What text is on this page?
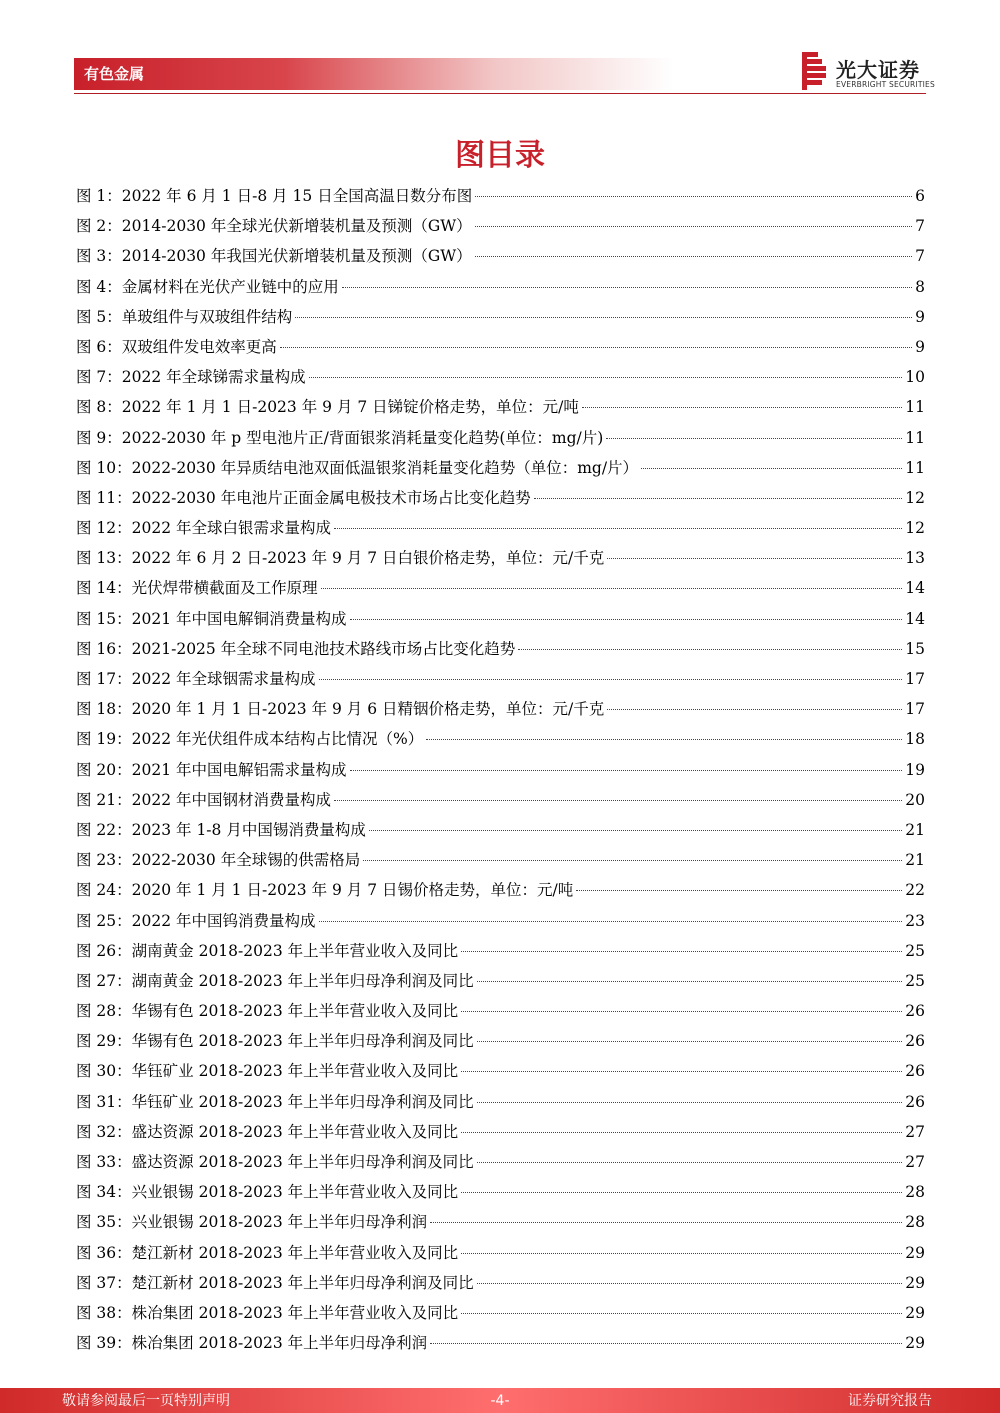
有色金属	光大证券
EVERBRIGHT SECURITIES
图目录
图 1：2022 年 6 月 1 日-8 月 15 日全国高温日数分布图	6
图 2：2014-2030 年全球光伏新增装机量及预测（GW）	7
图 3：2014-2030 年我国光伏新增装机量及预测（GW）	7
图 4：金属材料在光伏产业链中的应用	8
图 5：单玻组件与双玻组件结构	9
图 6：双玻组件发电效率更高	9
图 7：2022 年全球锑需求量构成	10
图 8：2022 年 1 月 1 日-2023 年 9 月 7 日锑锭价格走势，单位：元/吨	11
图 9：2022-2030 年 p 型电池片正/背面银浆消耗量变化趋势(单位：mg/片)	11
图 10：2022-2030 年异质结电池双面低温银浆消耗量变化趋势（单位：mg/片）	11
图 11：2022-2030 年电池片正面金属电极技术市场占比变化趋势	12
图 12：2022 年全球白银需求量构成	12
图 13：2022 年 6 月 2 日-2023 年 9 月 7 日白银价格走势，单位：元/千克	13
图 14：光伏焊带横截面及工作原理	14
图 15：2021 年中国电解铜消费量构成	14
图 16：2021-2025 年全球不同电池技术路线市场占比变化趋势	15
图 17：2022 年全球铟需求量构成	17
图 18：2020 年 1 月 1 日-2023 年 9 月 6 日精铟价格走势，单位：元/千克	17
图 19：2022 年光伏组件成本结构占比情况（%）	18
图 20：2021 年中国电解铝需求量构成	19
图 21：2022 年中国钢材消费量构成	20
图 22：2023 年 1-8 月中国锡消费量构成	21
图 23：2022-2030 年全球锡的供需格局	21
图 24：2020 年 1 月 1 日-2023 年 9 月 7 日锡价格走势，单位：元/吨	22
图 25：2022 年中国钨消费量构成	23
图 26：湖南黄金 2018-2023 年上半年营业收入及同比	25
图 27：湖南黄金 2018-2023 年上半年归母净利润及同比	25
图 28：华锡有色 2018-2023 年上半年营业收入及同比	26
图 29：华锡有色 2018-2023 年上半年归母净利润及同比	26
图 30：华钰矿业 2018-2023 年上半年营业收入及同比	26
图 31：华钰矿业 2018-2023 年上半年归母净利润及同比	26
图 32：盛达资源 2018-2023 年上半年营业收入及同比	27
图 33：盛达资源 2018-2023 年上半年归母净利润及同比	27
图 34：兴业银锡 2018-2023 年上半年营业收入及同比	28
图 35：兴业银锡 2018-2023 年上半年归母净利润	28
图 36：楚江新材 2018-2023 年上半年营业收入及同比	29
图 37：楚江新材 2018-2023 年上半年归母净利润及同比	29
图 38：株冶集团 2018-2023 年上半年营业收入及同比	29
图 39：株冶集团 2018-2023 年上半年归母净利润	29
敬请参阅最后一页特别声明	-4-	证券研究报告
